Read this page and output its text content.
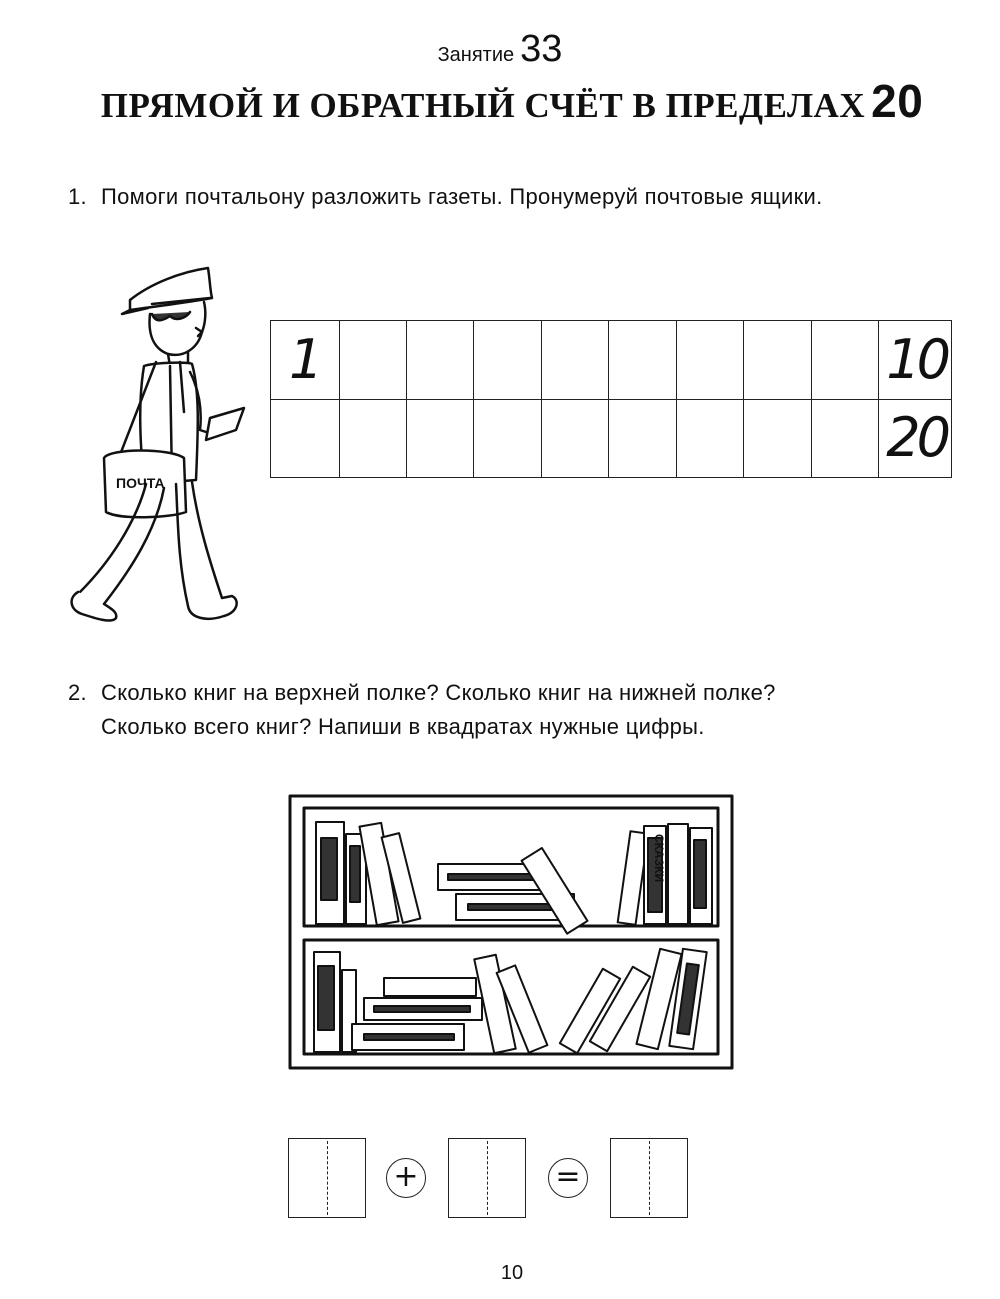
Занятие 33
ПРЯМОЙ И ОБРАТНЫЙ СЧЁТ В ПРЕДЕЛАХ 20
1. Помоги почтальону разложить газеты. Пронумеруй почтовые ящики.
ПОЧТА
1									10
									20
2. Сколько книг на верхней полке? Сколько книг на нижней полке?
Сколько всего книг? Напиши в квадратах нужные цифры.
СКАЗКИ
+	=
10
